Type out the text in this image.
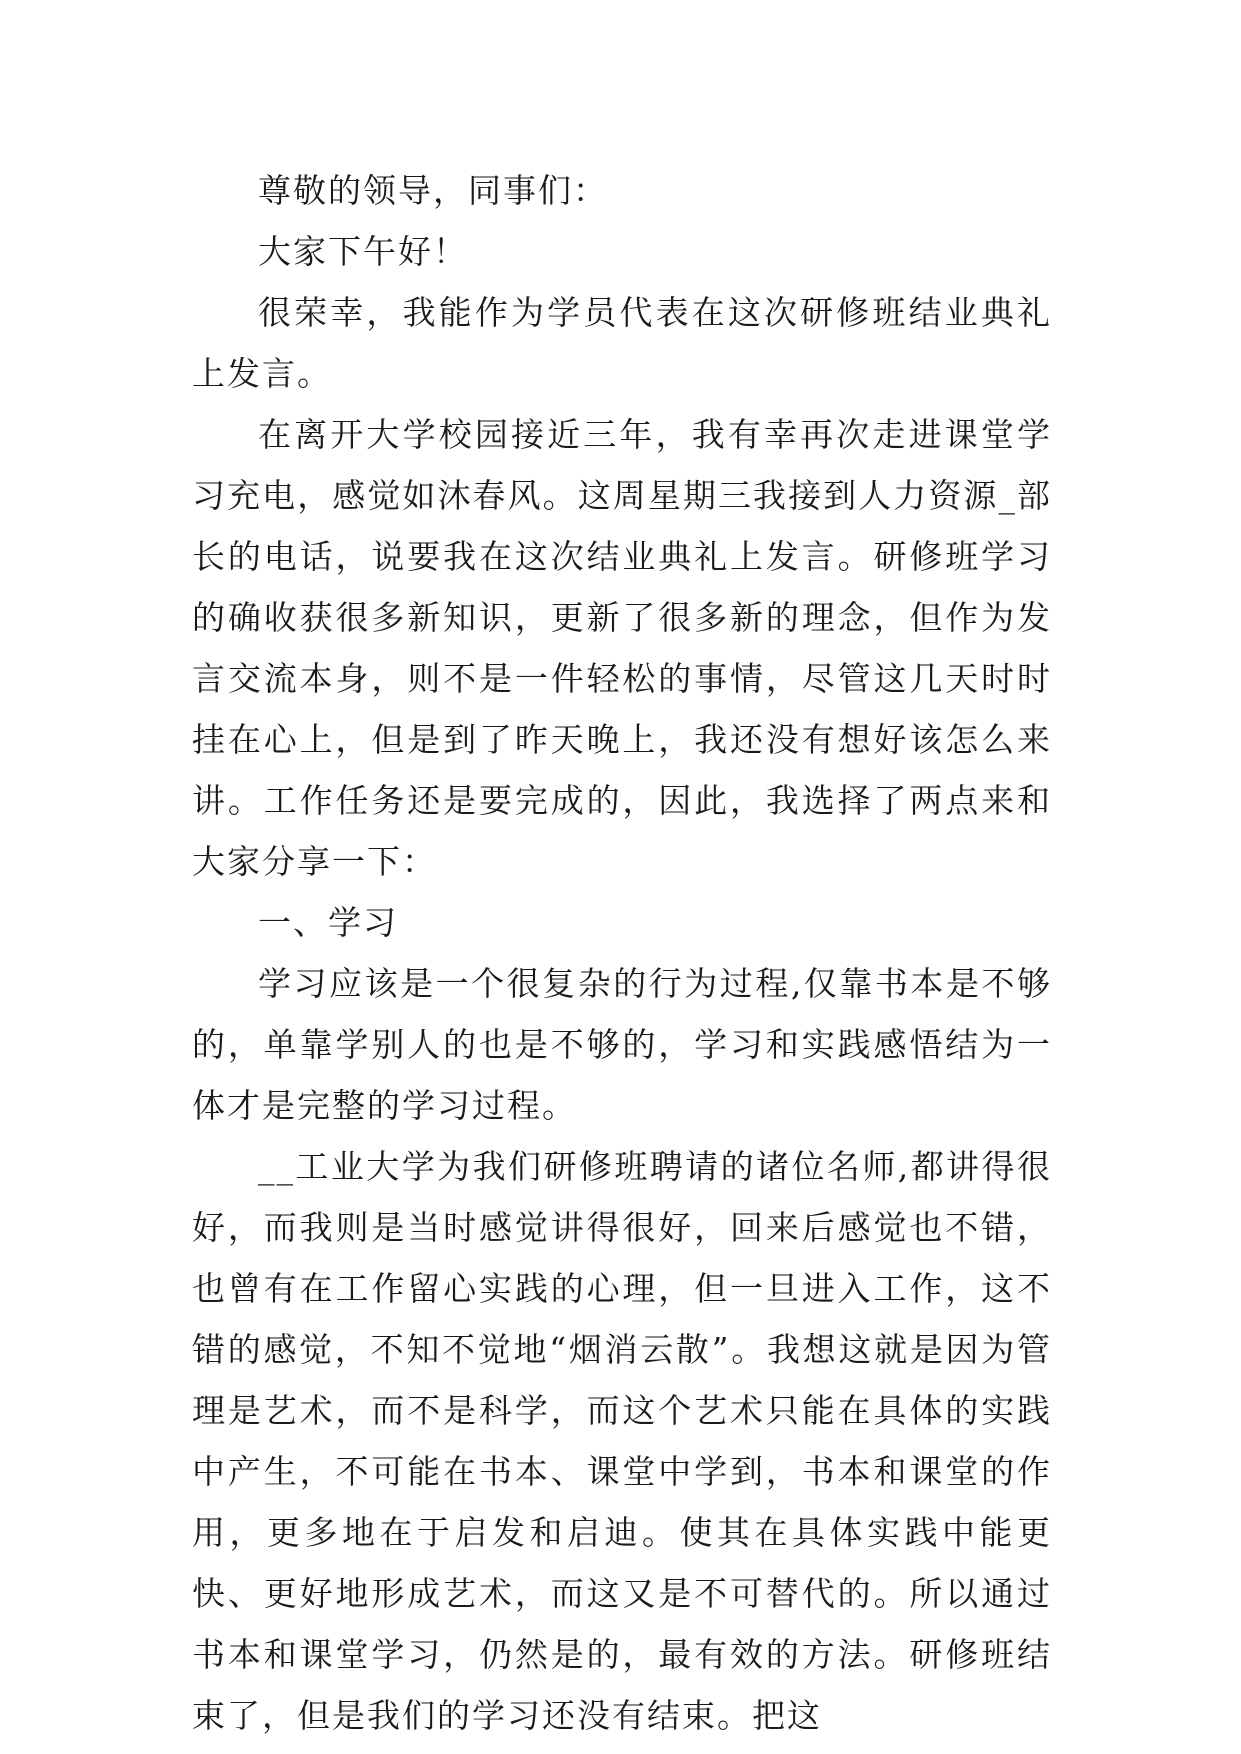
尊敬的领导，同事们：

大家下午好！

很荣幸，我能作为学员代表在这次研修班结业典礼上发言。

在离开大学校园接近三年，我有幸再次走进课堂学习充电，感觉如沐春风。这周星期三我接到人力资源_部长的电话，说要我在这次结业典礼上发言。研修班学习的确收获很多新知识，更新了很多新的理念，但作为发言交流本身，则不是一件轻松的事情，尽管这几天时时挂在心上，但是到了昨天晚上，我还没有想好该怎么来讲。工作任务还是要完成的，因此，我选择了两点来和大家分享一下：

一、学习

学习应该是一个很复杂的行为过程,仅靠书本是不够的，单靠学别人的也是不够的，学习和实践感悟结为一体才是完整的学习过程。

__工业大学为我们研修班聘请的诸位名师,都讲得很好，而我则是当时感觉讲得很好，回来后感觉也不错，也曾有在工作留心实践的心理，但一旦进入工作，这不错的感觉，不知不觉地“烟消云散”。我想这就是因为管理是艺术，而不是科学，而这个艺术只能在具体的实践中产生，不可能在书本、课堂中学到，书本和课堂的作用，更多地在于启发和启迪。使其在具体实践中能更快、更好地形成艺术，而这又是不可替代的。所以通过书本和课堂学习，仍然是的，最有效的方法。研修班结束了，但是我们的学习还没有结束。把这
